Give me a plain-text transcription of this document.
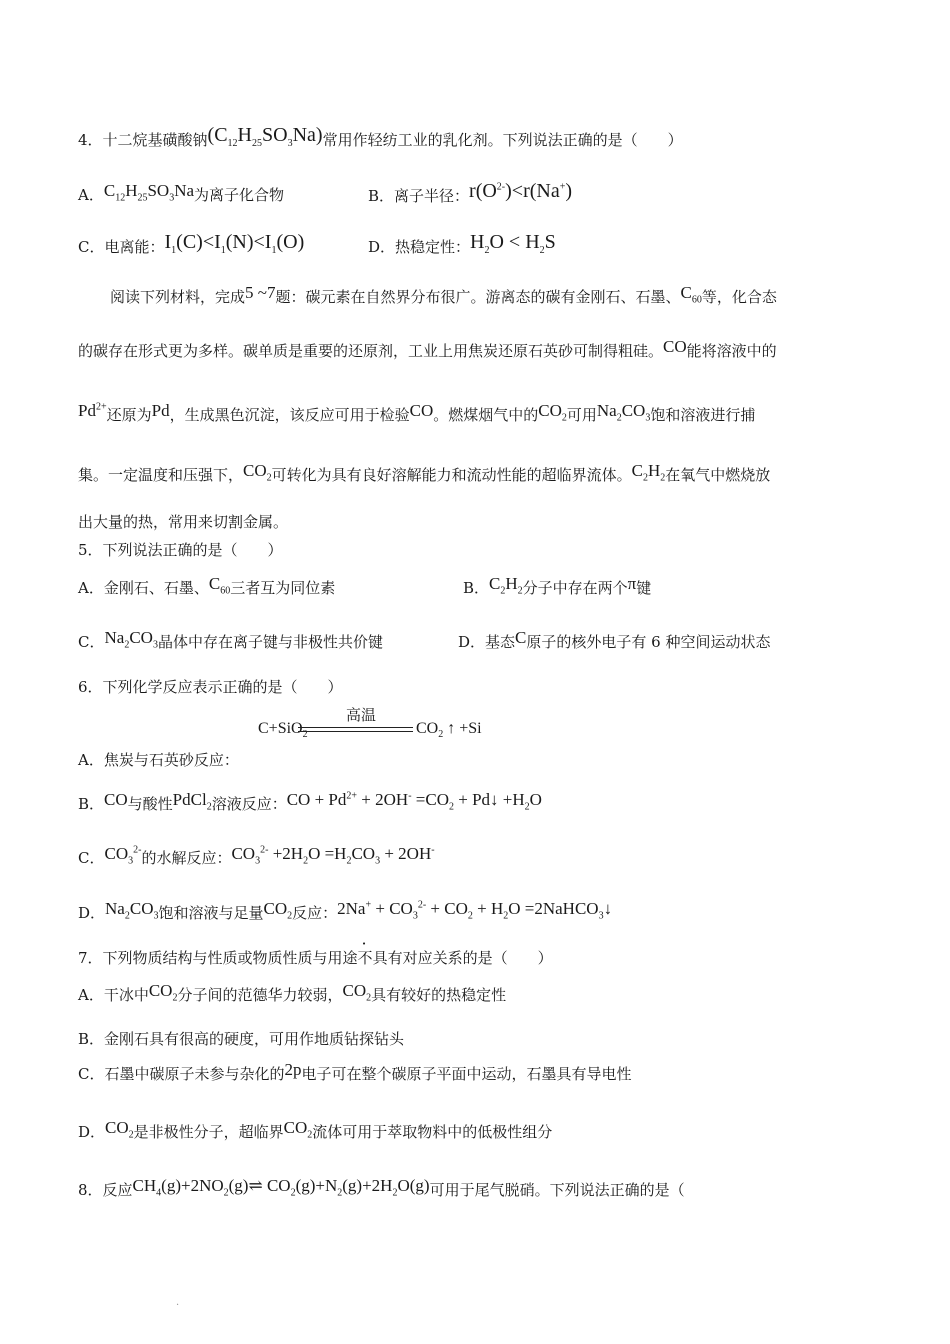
4．十二烷基磺酸钠$(C_{12}H_{25}SO_3Na)$常用作轻纺工业的乳化剂。下列说法正确的是（　　）
A．$C_{12}H_{25}SO_3Na$为离子化合物	B．离子半径：$r(O^{2-})<r(Na^+)$
C．电离能：$I_1(C)<I_1(N)<I_1(O)$	D．热稳定性：$H_2O < H_2S$
阅读下列材料，完成5 ~7题：碳元素在自然界分布很广。游离态的碳有金刚石、石墨、$C_{60}$等，化合态
的碳存在形式更为多样。碳单质是重要的还原剂，工业上用焦炭还原石英砂可制得粗硅。CO能将溶液中的
$Pd^{2+}$还原为Pd，生成黑色沉淀，该反应可用于检验CO。燃煤烟气中的$CO_2$可用$Na_2CO_3$饱和溶液进行捕
集。一定温度和压强下，$CO_2$可转化为具有良好溶解能力和流动性能的超临界流体。$C_2H_2$在氧气中燃烧放
出大量的热，常用来切割金属。
5．下列说法正确的是（　　）
A．金刚石、石墨、$C_{60}$三者互为同位素	B．$C_2H_2$分子中存在两个π键
C．$Na_2CO_3$晶体中存在离子键与非极性共价键	D．基态C原子的核外电子有 6 种空间运动状态
6．下列化学反应表示正确的是（　　）
高温
C+SiO$_2$	$CO_2$ ↑ +Si
A．焦炭与石英砂反应：
B．CO与酸性PdCl$_2$溶液反应：CO + $Pd^{2+} + 2OH^- =CO_2$ + Pd↓ $+H_2O$
C．$CO_3^{2-}$的水解反应：$CO_3^{2-} +2H_2O =H_2CO_3 + 2OH^-$
D．$Na_2CO_3$饱和溶液与足量$CO_2$反应：$2Na^+ + CO_3^{2-} + CO_2 + H_2O$ =2NaHCO$_3$↓
7．下列物质结构与性质或物质性质与用途不具有对应关系的是（　　）
A．干冰中$CO_2$分子间的范德华力较弱，$CO_2$具有较好的热稳定性
B．金刚石具有很高的硬度，可用作地质钻探钻头
C．石墨中碳原子未参与杂化的2p电子可在整个碳原子平面中运动，石墨具有导电性
D．$CO_2$是非极性分子，超临界$CO_2$流体可用于萃取物料中的低极性组分
8．反应$CH_4(g)+2NO_2(g)\rightleftharpoons$ $CO_2(g)+N_2(g)+2H_2O(g)$可用于尾气脱硝。下列说法正确的是（
·
